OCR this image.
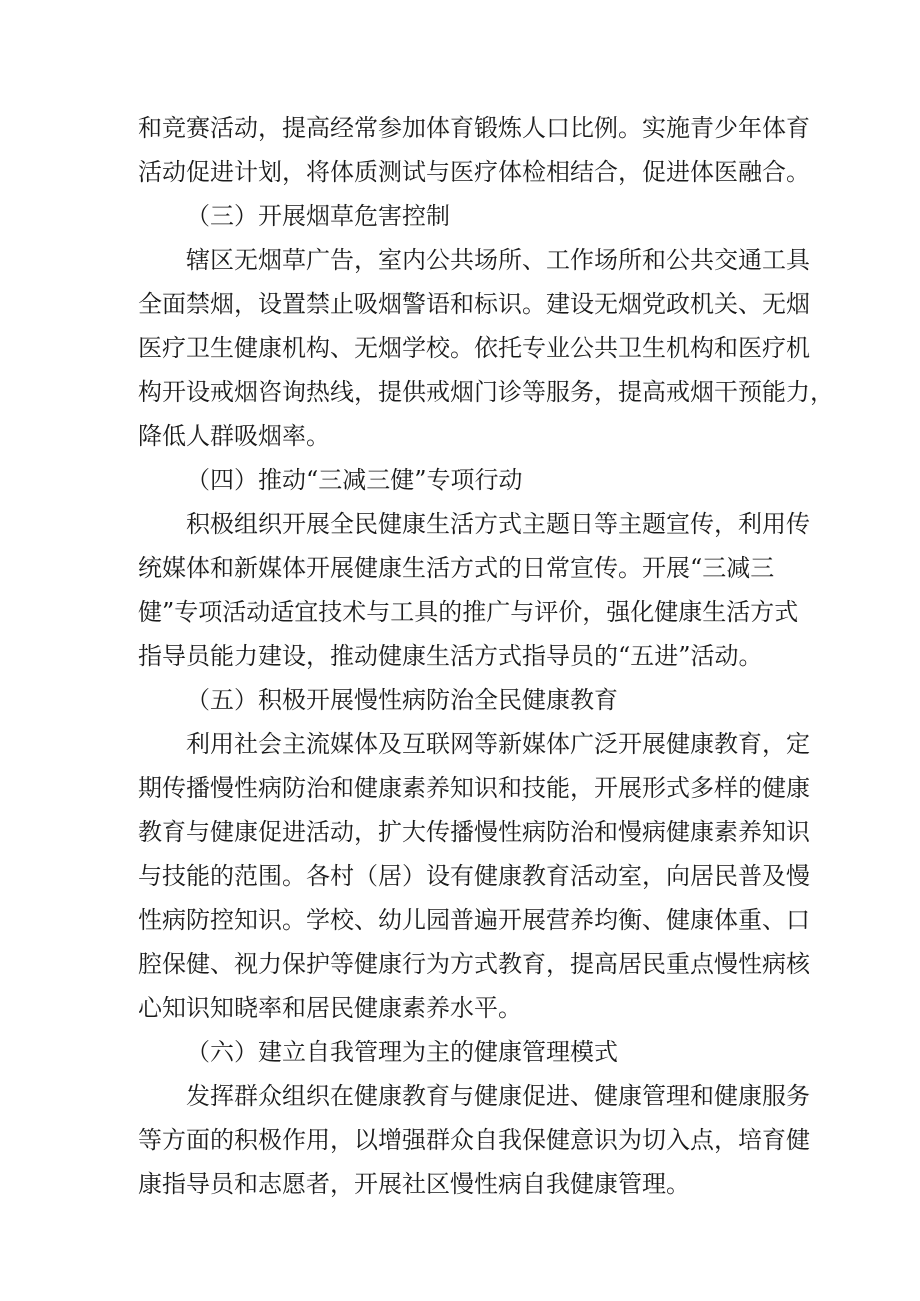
和竞赛活动，提高经常参加体育锻炼人口比例。实施青少年体育
活动促进计划，将体质测试与医疗体检相结合，促进体医融合。
（三）开展烟草危害控制
辖区无烟草广告，室内公共场所、工作场所和公共交通工具
全面禁烟，设置禁止吸烟警语和标识。建设无烟党政机关、无烟
医疗卫生健康机构、无烟学校。依托专业公共卫生机构和医疗机
构开设戒烟咨询热线，提供戒烟门诊等服务，提高戒烟干预能力，
降低人群吸烟率。
（四）推动“三减三健”专项行动
积极组织开展全民健康生活方式主题日等主题宣传，利用传
统媒体和新媒体开展健康生活方式的日常宣传。开展“三减三
健”专项活动适宜技术与工具的推广与评价，强化健康生活方式
指导员能力建设，推动健康生活方式指导员的“五进”活动。
（五）积极开展慢性病防治全民健康教育
利用社会主流媒体及互联网等新媒体广泛开展健康教育，定
期传播慢性病防治和健康素养知识和技能，开展形式多样的健康
教育与健康促进活动，扩大传播慢性病防治和慢病健康素养知识
与技能的范围。各村（居）设有健康教育活动室，向居民普及慢
性病防控知识。学校、幼儿园普遍开展营养均衡、健康体重、口
腔保健、视力保护等健康行为方式教育，提高居民重点慢性病核
心知识知晓率和居民健康素养水平。
（六）建立自我管理为主的健康管理模式
发挥群众组织在健康教育与健康促进、健康管理和健康服务
等方面的积极作用，以增强群众自我保健意识为切入点，培育健
康指导员和志愿者，开展社区慢性病自我健康管理。
